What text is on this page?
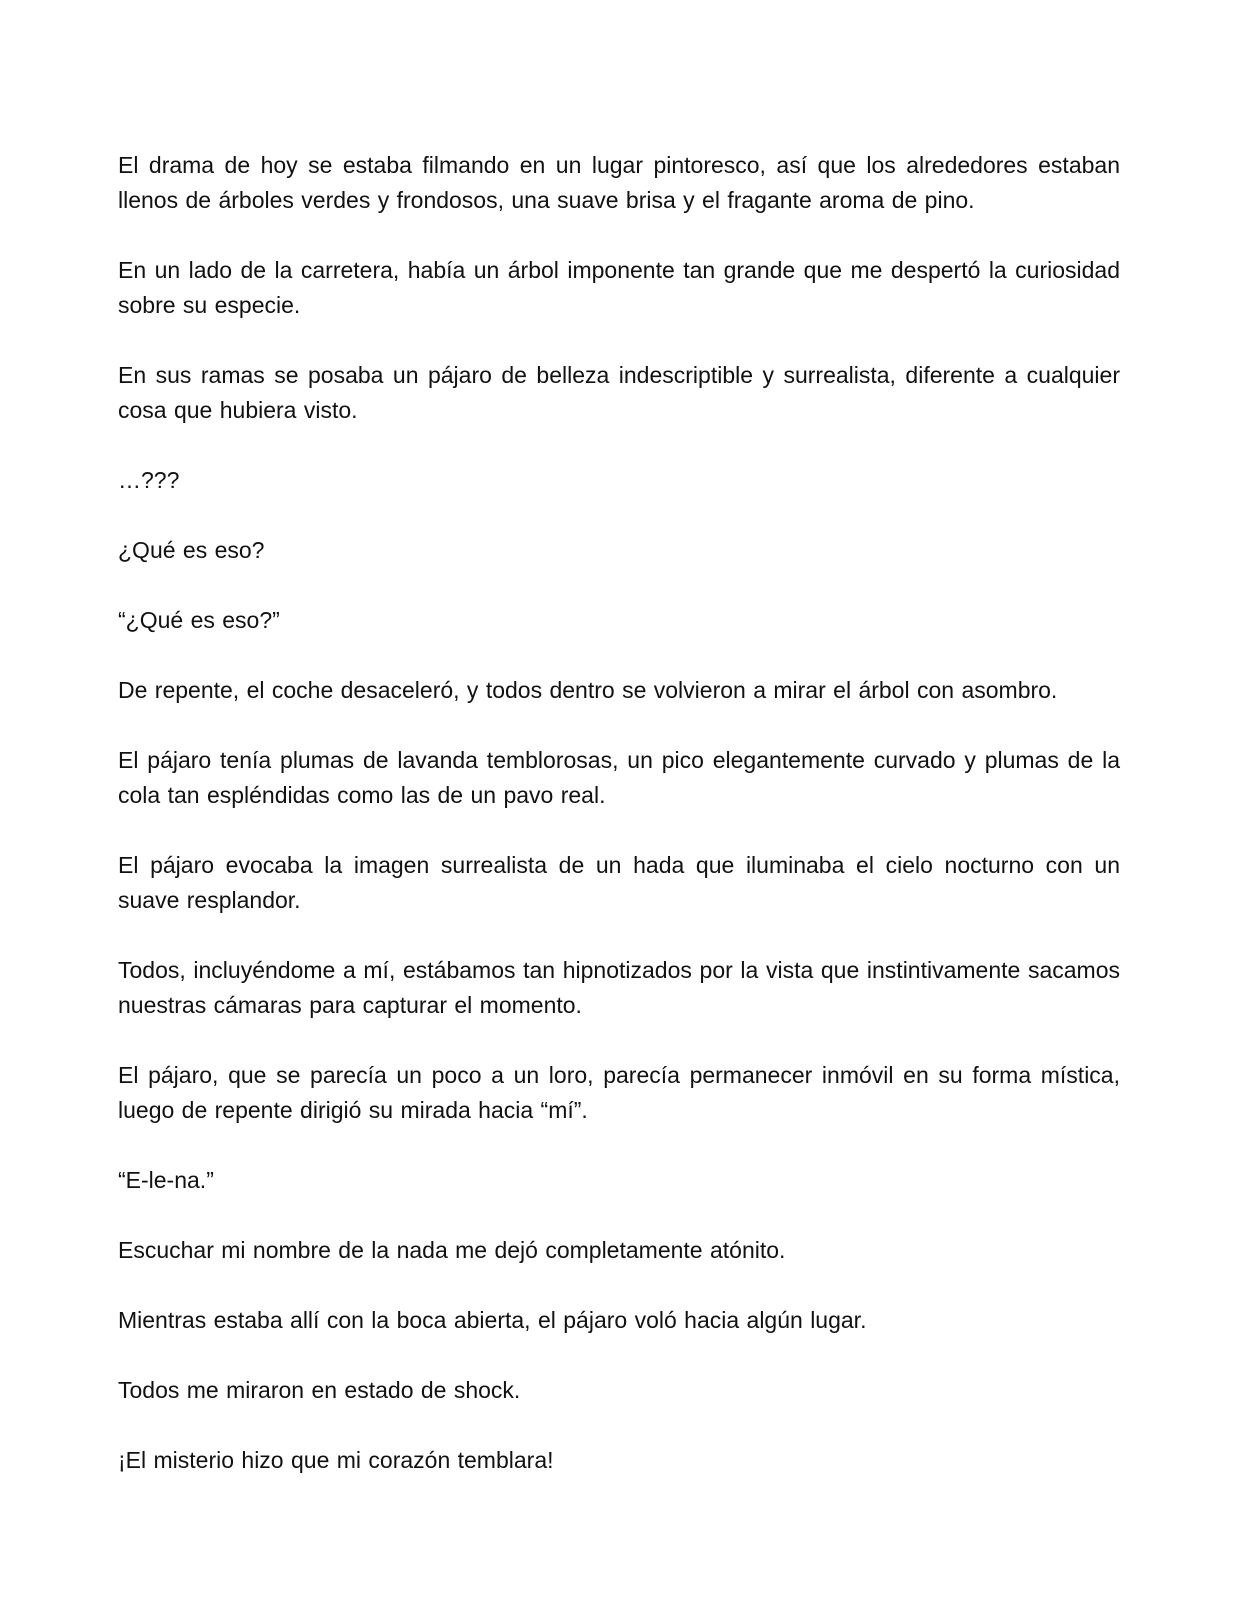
El drama de hoy se estaba filmando en un lugar pintoresco, así que los alrededores estaban llenos de árboles verdes y frondosos, una suave brisa y el fragante aroma de pino.

En un lado de la carretera, había un árbol imponente tan grande que me despertó la curiosidad sobre su especie.

En sus ramas se posaba un pájaro de belleza indescriptible y surrealista, diferente a cualquier cosa que hubiera visto.

…???

¿Qué es eso?

“¿Qué es eso?”

De repente, el coche desaceleró, y todos dentro se volvieron a mirar el árbol con asombro.

El pájaro tenía plumas de lavanda temblorosas, un pico elegantemente curvado y plumas de la cola tan espléndidas como las de un pavo real.

El pájaro evocaba la imagen surrealista de un hada que iluminaba el cielo nocturno con un suave resplandor.

Todos, incluyéndome a mí, estábamos tan hipnotizados por la vista que instintivamente sacamos nuestras cámaras para capturar el momento.

El pájaro, que se parecía un poco a un loro, parecía permanecer inmóvil en su forma mística, luego de repente dirigió su mirada hacia “mí”.

“E-le-na.”

Escuchar mi nombre de la nada me dejó completamente atónito.

Mientras estaba allí con la boca abierta, el pájaro voló hacia algún lugar.

Todos me miraron en estado de shock.

¡El misterio hizo que mi corazón temblara!
